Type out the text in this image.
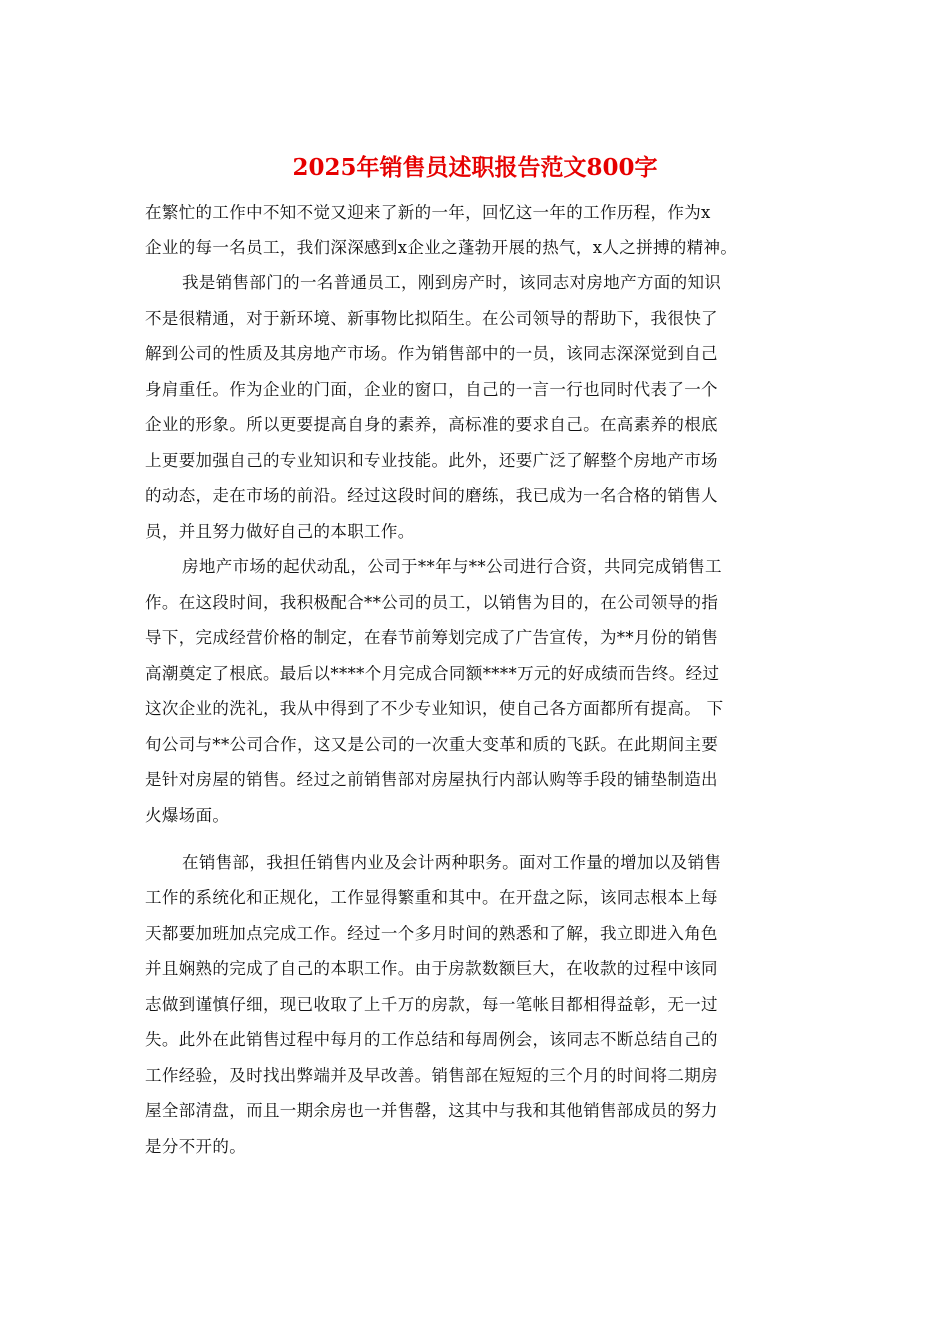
2025年销售员述职报告范文800字
在繁忙的工作中不知不觉又迎来了新的一年，回忆这一年的工作历程，作为x
企业的每一名员工，我们深深感到x企业之蓬勃开展的热气，x人之拼搏的精神。
我是销售部门的一名普通员工，刚到房产时，该同志对房地产方面的知识
不是很精通，对于新环境、新事物比拟陌生。在公司领导的帮助下，我很快了
解到公司的性质及其房地产市场。作为销售部中的一员，该同志深深觉到自己
身肩重任。作为企业的门面，企业的窗口，自己的一言一行也同时代表了一个
企业的形象。所以更要提高自身的素养，高标准的要求自己。在高素养的根底
上更要加强自己的专业知识和专业技能。此外，还要广泛了解整个房地产市场
的动态，走在市场的前沿。经过这段时间的磨练，我已成为一名合格的销售人
员，并且努力做好自己的本职工作。
房地产市场的起伏动乱，公司于**年与**公司进行合资，共同完成销售工
作。在这段时间，我积极配合**公司的员工，以销售为目的，在公司领导的指
导下，完成经营价格的制定，在春节前筹划完成了广告宣传，为**月份的销售
高潮奠定了根底。最后以****个月完成合同额****万元的好成绩而告终。经过
这次企业的洗礼，我从中得到了不少专业知识，使自己各方面都所有提高。 下
旬公司与**公司合作，这又是公司的一次重大变革和质的飞跃。在此期间主要
是针对房屋的销售。经过之前销售部对房屋执行内部认购等手段的铺垫制造出
火爆场面。
在销售部，我担任销售内业及会计两种职务。面对工作量的增加以及销售
工作的系统化和正规化，工作显得繁重和其中。在开盘之际，该同志根本上每
天都要加班加点完成工作。经过一个多月时间的熟悉和了解，我立即进入角色
并且娴熟的完成了自己的本职工作。由于房款数额巨大，在收款的过程中该同
志做到谨慎仔细，现已收取了上千万的房款，每一笔帐目都相得益彰，无一过
失。此外在此销售过程中每月的工作总结和每周例会，该同志不断总结自己的
工作经验，及时找出弊端并及早改善。销售部在短短的三个月的时间将二期房
屋全部清盘，而且一期余房也一并售罄，这其中与我和其他销售部成员的努力
是分不开的。
